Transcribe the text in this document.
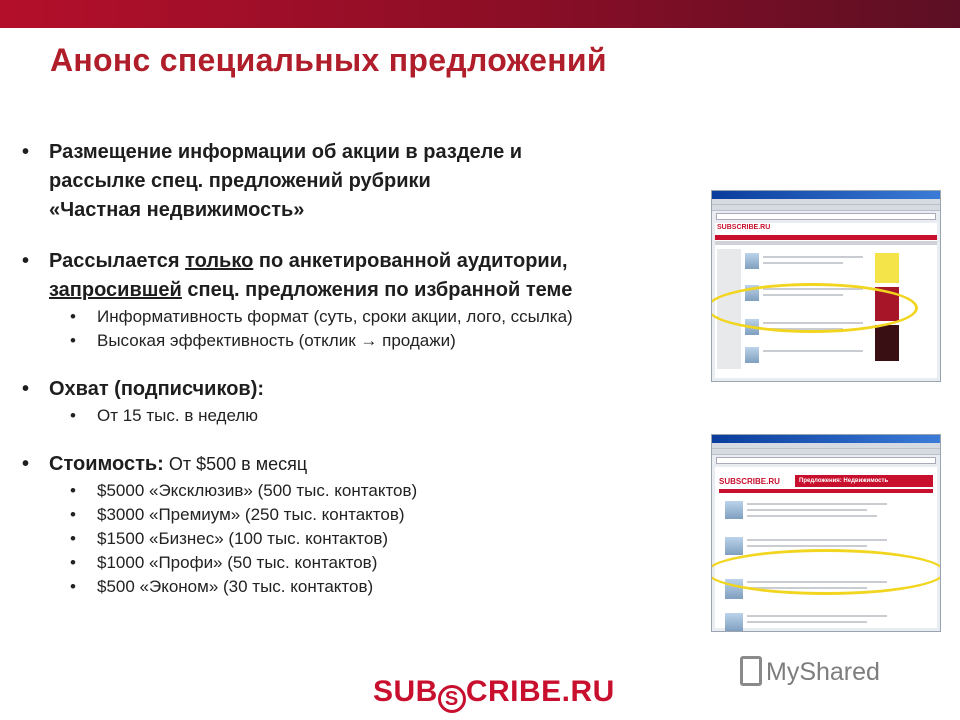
Анонс специальных предложений
• Размещение информации об акции в разделе и
рассылке спец. предложений рубрики
«Частная недвижимость»
• Рассылается только по анкетированной аудитории,
запросившей спец. предложения по избранной теме
• Информативность формат (суть, сроки акции, лого, ссылка)
• Высокая эффективность (отклик → продажи)
• Охват (подписчиков):
• От 15 тыс. в неделю
• Стоимость: От $500 в месяц
• $5000 «Эксклюзив» (500 тыс. контактов)
• $3000 «Премиум» (250 тыс. контактов)
• $1500 «Бизнес» (100 тыс. контактов)
• $1000 «Профи» (50 тыс. контактов)
• $500 «Эконом» (30 тыс. контактов)
SUBSCRIBE.RU
SUBSCRIBE.RU	Предложения: Недвижимость
SUB S CRIBE.RU
MyShared
